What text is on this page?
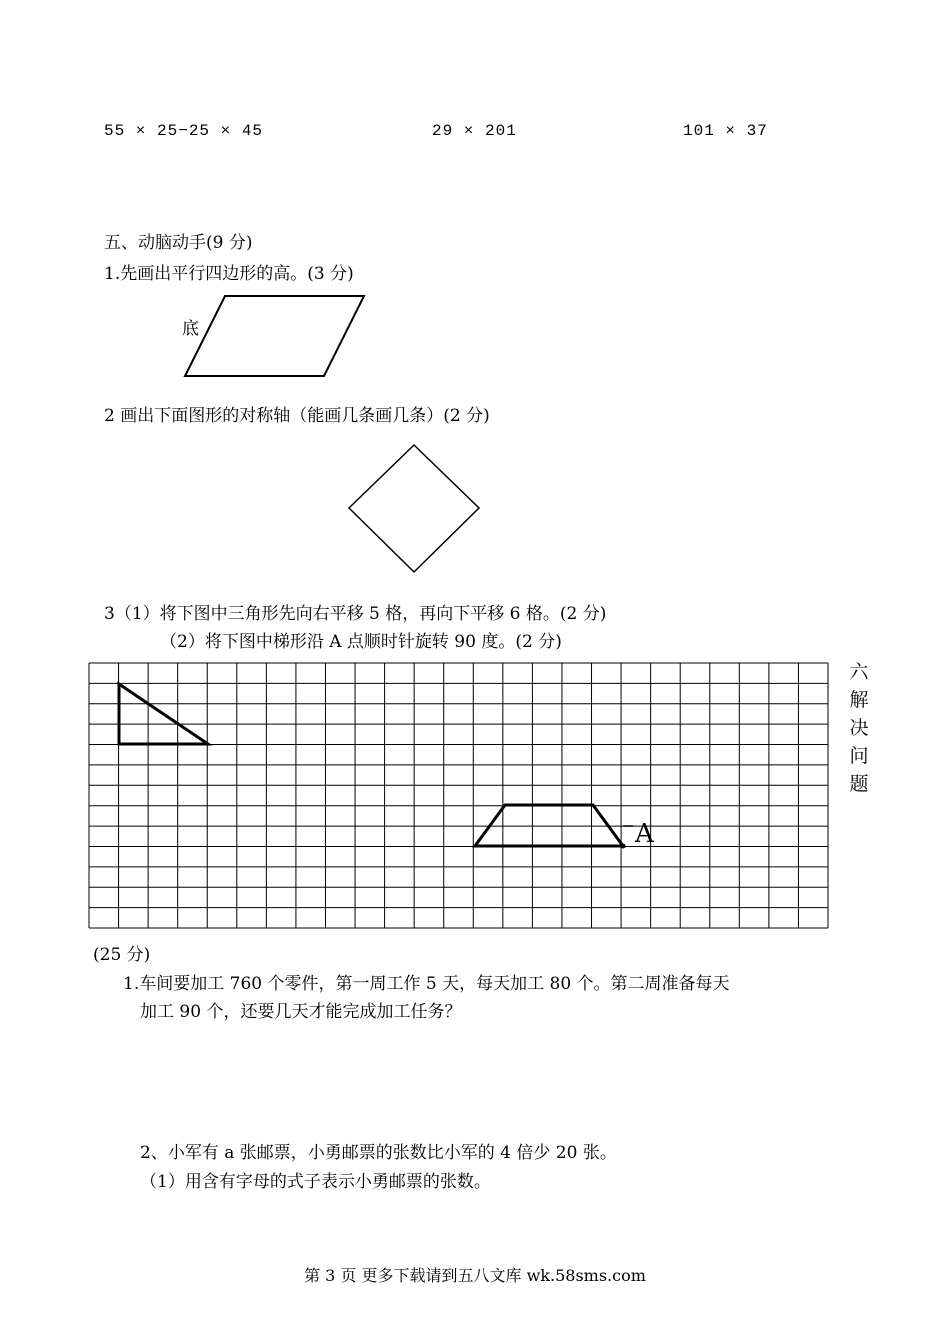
55 × 25−25 × 45	29 × 201	101 × 37
五、动脑动手(9 分)
1.先画出平行四边形的高。(3 分)
底
2 画出下面图形的对称轴（能画几条画几条）(2 分)
3（1）将下图中三角形先向右平移 5 格，再向下平移 6 格。(2 分)
（2）将下图中梯形沿 A 点顺时针旋转 90 度。(2 分)
A
六
解
决
问
题
(25 分)
1.车间要加工 760 个零件，第一周工作 5 天，每天加工 80 个。第二周准备每天
加工 90 个，还要几天才能完成加工任务？
2、小军有 a 张邮票，小勇邮票的张数比小军的 4 倍少 20 张。
（1）用含有字母的式子表示小勇邮票的张数。
第 3 页 更多下载请到五八文库 wk.58sms.com
